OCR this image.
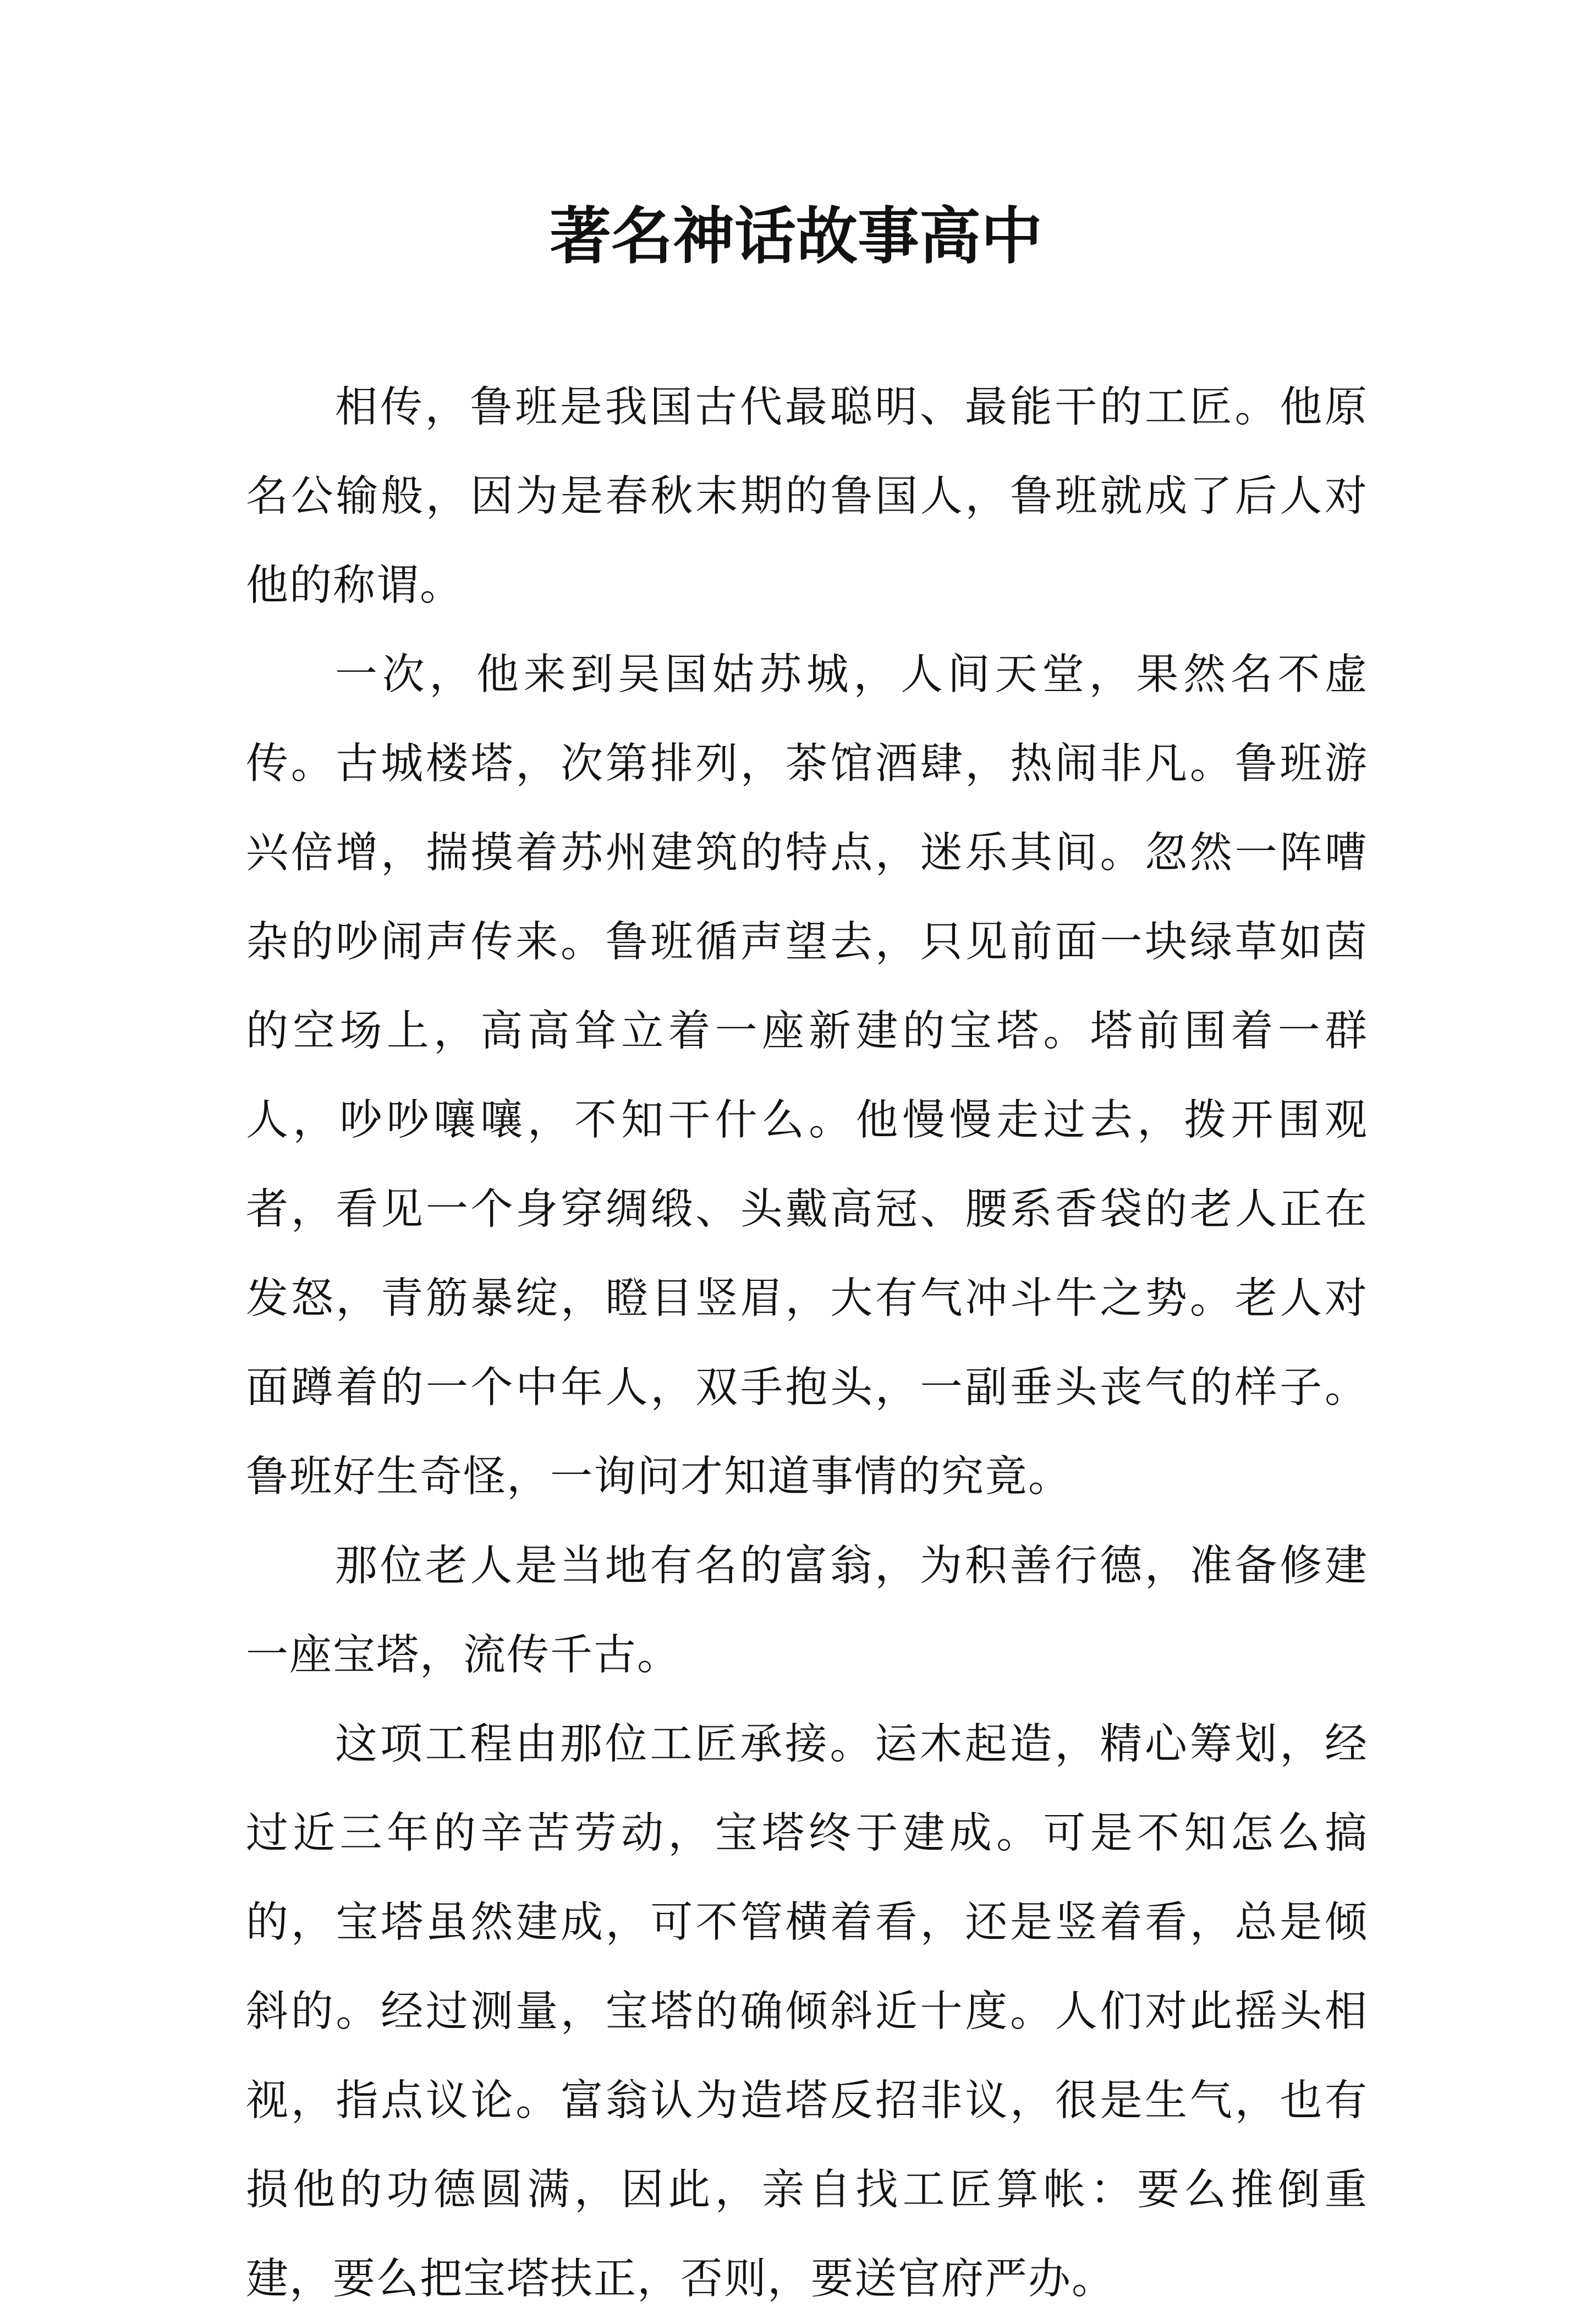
著名神话故事高中

相传，鲁班是我国古代最聪明、最能干的工匠。他原名公输般，因为是春秋末期的鲁国人，鲁班就成了后人对他的称谓。

一次，他来到吴国姑苏城，人间天堂，果然名不虚传。古城楼塔，次第排列，茶馆酒肆，热闹非凡。鲁班游兴倍增，揣摸着苏州建筑的特点，迷乐其间。忽然一阵嘈杂的吵闹声传来。鲁班循声望去，只见前面一块绿草如茵的空场上，高高耸立着一座新建的宝塔。塔前围着一群人，吵吵嚷嚷，不知干什么。他慢慢走过去，拨开围观者，看见一个身穿绸缎、头戴高冠、腰系香袋的老人正在发怒，青筋暴绽，瞪目竖眉，大有气冲斗牛之势。老人对面蹲着的一个中年人，双手抱头，一副垂头丧气的样子。鲁班好生奇怪，一询问才知道事情的究竟。

那位老人是当地有名的富翁，为积善行德，准备修建一座宝塔，流传千古。

这项工程由那位工匠承接。运木起造，精心筹划，经过近三年的辛苦劳动，宝塔终于建成。可是不知怎么搞的，宝塔虽然建成，可不管横着看，还是竖着看，总是倾斜的。经过测量，宝塔的确倾斜近十度。人们对此摇头相视，指点议论。富翁认为造塔反招非议，很是生气，也有损他的功德圆满，因此，亲自找工匠算帐：要么推倒重建，要么把宝塔扶正，否则，要送官府严办。
